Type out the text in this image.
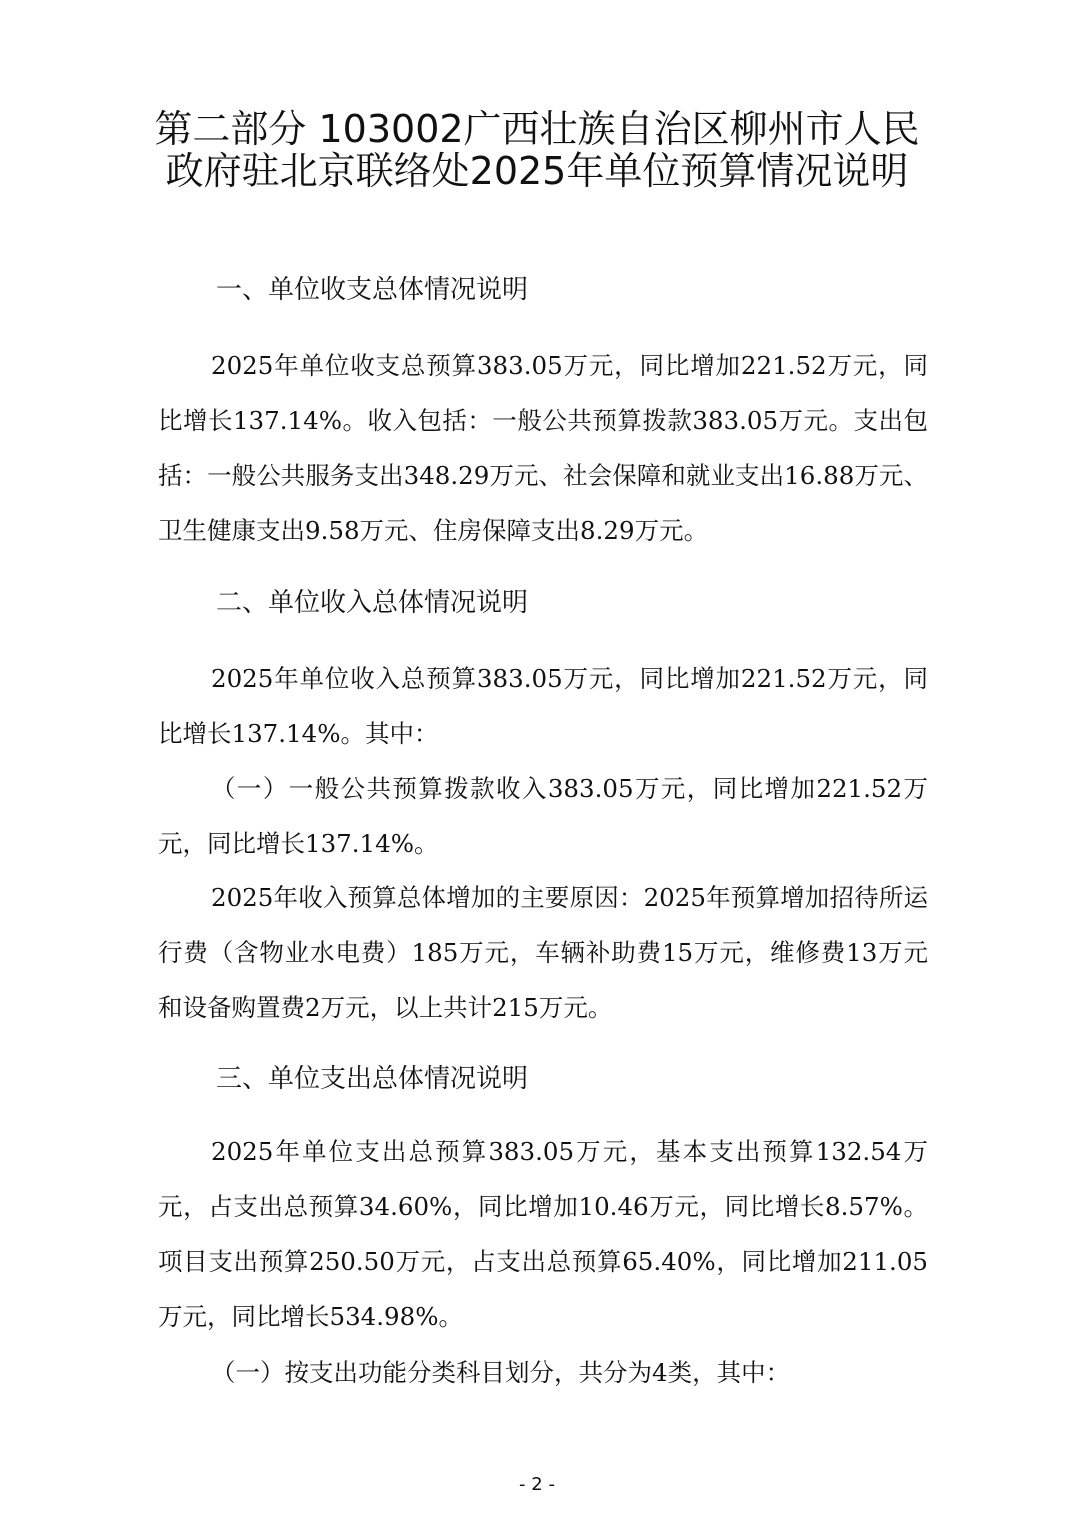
第二部分 103002广西壮族自治区柳州市人民政府驻北京联络处2025年单位预算情况说明
一、单位收支总体情况说明

2025年单位收支总预算383.05万元，同比增加221.52万元，同比增长137.14%。收入包括：一般公共预算拨款383.05万元。支出包括：一般公共服务支出348.29万元、社会保障和就业支出16.88万元、卫生健康支出9.58万元、住房保障支出8.29万元。

二、单位收入总体情况说明

2025年单位收入总预算383.05万元，同比增加221.52万元，同比增长137.14%。其中：

（一）一般公共预算拨款收入383.05万元，同比增加221.52万元，同比增长137.14%。

2025年收入预算总体增加的主要原因：2025年预算增加招待所运行费（含物业水电费）185万元，车辆补助费15万元，维修费13万元和设备购置费2万元，以上共计215万元。

三、单位支出总体情况说明

2025年单位支出总预算383.05万元，基本支出预算132.54万元，占支出总预算34.60%，同比增加10.46万元，同比增长8.57%。项目支出预算250.50万元，占支出总预算65.40%，同比增加211.05万元，同比增长534.98%。

（一）按支出功能分类科目划分，共分为4类，其中：

- 2 -
